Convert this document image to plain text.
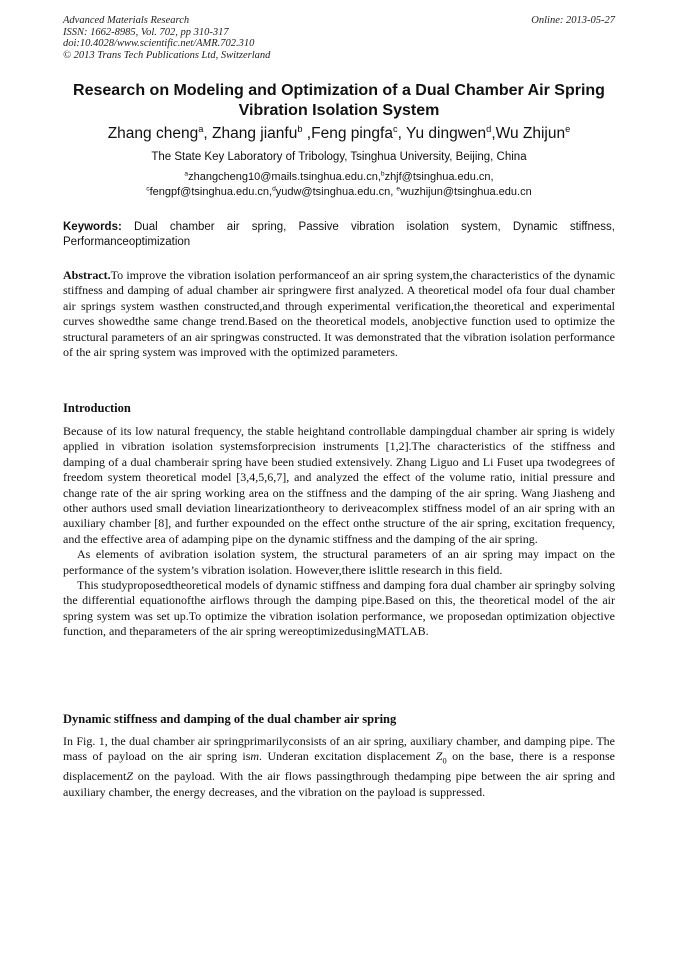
Advanced Materials Research
ISSN: 1662-8985, Vol. 702, pp 310-317
doi:10.4028/www.scientific.net/AMR.702.310
© 2013 Trans Tech Publications Ltd, Switzerland
Online: 2013-05-27
Research on Modeling and Optimization of a Dual Chamber Air Spring Vibration Isolation System
Zhang cheng$^a$, Zhang jianfu$^b$ ,Feng pingfa$^c$, Yu dingwen$^d$,Wu Zhijun$^e$
The State Key Laboratory of Tribology, Tsinghua University, Beijing, China
$^a$zhangcheng10@mails.tsinghua.edu.cn,$^b$zhjf@tsinghua.edu.cn,
$^c$fengpf@tsinghua.edu.cn,$^d$yudw@tsinghua.edu.cn, $^e$wuzhijun@tsinghua.edu.cn
Keywords: Dual chamber air spring, Passive vibration isolation system, Dynamic stiffness, Performanceoptimization
Abstract.To improve the vibration isolation performanceof an air spring system,the characteristics of the dynamic stiffness and damping of adual chamber air springwere first analyzed. A theoretical model ofa four dual chamber air springs system wasthen constructed,and through experimental verification,the theoretical and experimental curves showedthe same change trend.Based on the theoretical models, anobjective function used to optimize the structural parameters of an air springwas constructed. It was demonstrated that the vibration isolation performance of the air spring system was improved with the optimized parameters.
Introduction

Because of its low natural frequency, the stable heightand controllable dampingdual chamber air spring is widely applied in vibration isolation systemsforprecision instruments [1,2].The characteristics of the stiffness and damping of a dual chamberair spring have been studied extensively. Zhang Liguo and Li Fuset upa twodegrees of freedom system theoretical model [3,4,5,6,7], and analyzed the effect of the volume ratio, initial pressure and change rate of the air spring working area on the stiffness and the damping of the air spring. Wang Jiasheng and other authors used small deviation linearizationtheory to deriveacomplex stiffness model of an air spring with an auxiliary chamber [8], and further expounded on the effect onthe structure of the air spring, excitation frequency, and the effective area of adamping pipe on the dynamic stiffness and the damping of the air spring.

As elements of avibration isolation system, the structural parameters of an air spring may impact on the performance of the system’s vibration isolation. However,there islittle research in this field.

This studyproposedtheoretical models of dynamic stiffness and damping fora dual chamber air springby solving the differential equationofthe airflows through the damping pipe.Based on this, the theoretical model of the air spring system was set up.To optimize the vibration isolation performance, we proposedan optimization objective function, and theparameters of the air spring wereoptimizedusingMATLAB.

Dynamic stiffness and damping of the dual chamber air spring

In Fig. 1, the dual chamber air springprimarilyconsists of an air spring, auxiliary chamber, and damping pipe. The mass of payload on the air spring ism. Underan excitation displacement $Z_0$ on the base, there is a response displacementZ on the payload. With the air flows passingthrough thedamping pipe between the air spring and auxiliary chamber, the energy decreases, and the vibration on the payload is suppressed.
